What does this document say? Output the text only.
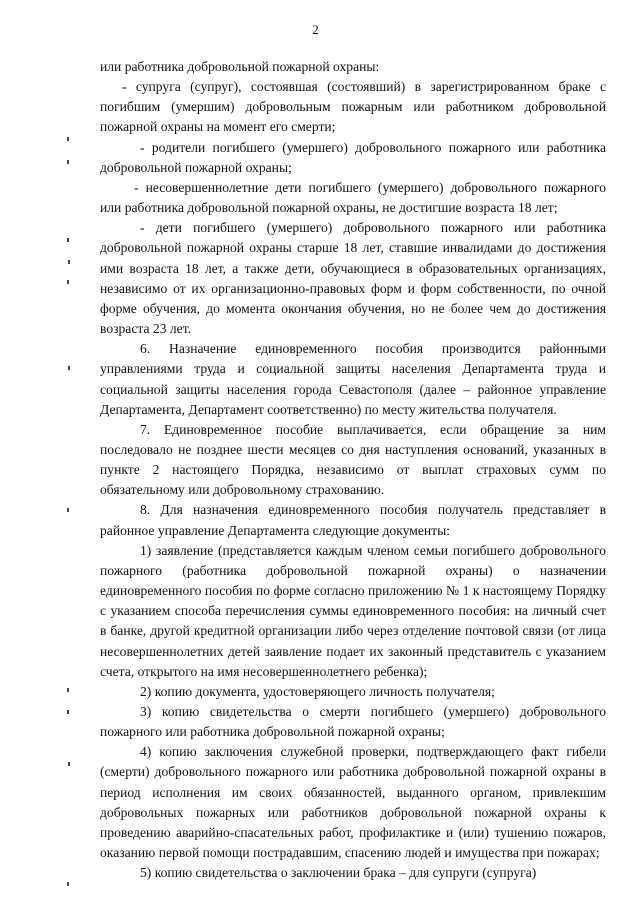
2

или работника добровольной пожарной охраны:

- супруга (супруг), состоявшая (состоявший) в зарегистрированном браке с погибшим (умершим) добровольным пожарным или работником добровольной пожарной охраны на момент его смерти;

- родители погибшего (умершего) добровольного пожарного или работника добровольной пожарной охраны;

- несовершеннолетние дети погибшего (умершего) добровольного пожарного или работника добровольной пожарной охраны, не достигшие возраста 18 лет;

- дети погибшего (умершего) добровольного пожарного или работника добровольной пожарной охраны старше 18 лет, ставшие инвалидами до достижения ими возраста 18 лет, а также дети, обучающиеся в образовательных организациях, независимо от их организационно-правовых форм и форм собственности, по очной форме обучения, до момента окончания обучения, но не более чем до достижения возраста 23 лет.

6. Назначение единовременного пособия производится районными управлениями труда и социальной защиты населения Департамента труда и социальной защиты населения города Севастополя (далее – районное управление Департамента, Департамент соответственно) по месту жительства получателя.

7. Единовременное пособие выплачивается, если обращение за ним последовало не позднее шести месяцев со дня наступления оснований, указанных в пункте 2 настоящего Порядка, независимо от выплат страховых сумм по обязательному или добровольному страхованию.

8. Для назначения единовременного пособия получатель представляет в районное управление Департамента следующие документы:

1) заявление (представляется каждым членом семьи погибшего добровольного пожарного (работника добровольной пожарной охраны) о назначении единовременного пособия по форме согласно приложению № 1 к настоящему Порядку с указанием способа перечисления суммы единовременного пособия: на личный счет в банке, другой кредитной организации либо через отделение почтовой связи (от лица несовершеннолетних детей заявление подает их законный представитель с указанием счета, открытого на имя несовершеннолетнего ребенка);

2) копию документа, удостоверяющего личность получателя;

3) копию свидетельства о смерти погибшего (умершего) добровольного пожарного или работника добровольной пожарной охраны;

4) копию заключения служебной проверки, подтверждающего факт гибели (смерти) добровольного пожарного или работника добровольной пожарной охраны в период исполнения им своих обязанностей, выданного органом, привлекшим добровольных пожарных или работников добровольной пожарной охраны к проведению аварийно-спасательных работ, профилактике и (или) тушению пожаров, оказанию первой помощи пострадавшим, спасению людей и имущества при пожарах;

5) копию свидетельства о заключении брака – для супруги (супруга)
